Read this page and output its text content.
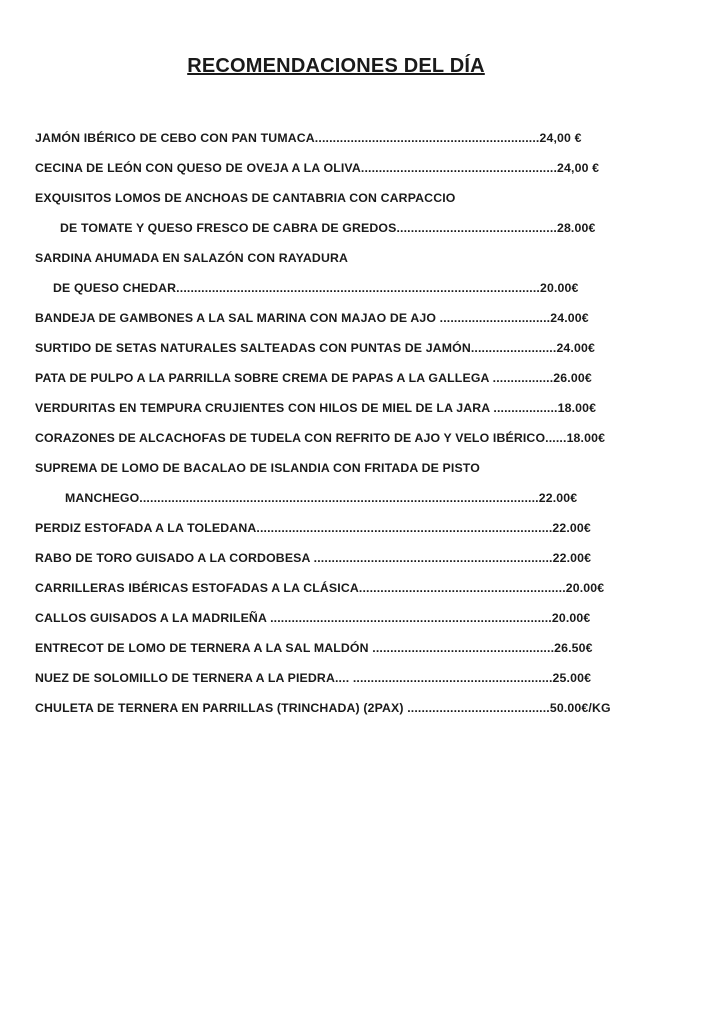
RECOMENDACIONES DEL DÍA
JAMÓN IBÉRICO DE CEBO CON PAN TUMACA...............................................................24,00 €
CECINA DE LEÓN CON QUESO DE OVEJA A LA OLIVA.......................................................24,00 €
EXQUISITOS LOMOS DE ANCHOAS DE CANTABRIA CON CARPACCIO
DE TOMATE Y QUESO FRESCO DE CABRA DE GREDOS.............................................28.00€
SARDINA AHUMADA EN SALAZÓN CON RAYADURA
DE QUESO CHEDAR......................................................................................................20.00€
BANDEJA DE GAMBONES A LA SAL MARINA CON MAJAO DE AJO ...............................24.00€
SURTIDO DE SETAS NATURALES SALTEADAS CON PUNTAS DE JAMÓN........................24.00€
PATA DE PULPO A LA PARRILLA SOBRE CREMA DE PAPAS A LA GALLEGA .................26.00€
VERDURITAS EN TEMPURA CRUJIENTES CON HILOS DE MIEL DE LA JARA ..................18.00€
CORAZONES DE ALCACHOFAS DE TUDELA CON REFRITO DE AJO Y VELO IBÉRICO......18.00€
SUPREMA DE LOMO DE BACALAO DE ISLANDIA CON FRITADA DE PISTO
MANCHEGO................................................................................................................22.00€
PERDIZ ESTOFADA A LA TOLEDANA...................................................................................22.00€
RABO DE TORO GUISADO A LA CORDOBESA ...................................................................22.00€
CARRILLERAS IBÉRICAS ESTOFADAS A LA CLÁSICA..........................................................20.00€
CALLOS GUISADOS A LA MADRILEÑA ...............................................................................20.00€
ENTRECOT DE LOMO DE TERNERA A LA SAL MALDÓN ...................................................26.50€
NUEZ DE SOLOMILLO DE TERNERA A LA PIEDRA.... ........................................................25.00€
CHULETA DE TERNERA EN PARRILLAS (TRINCHADA) (2PAX) ........................................50.00€/KG
